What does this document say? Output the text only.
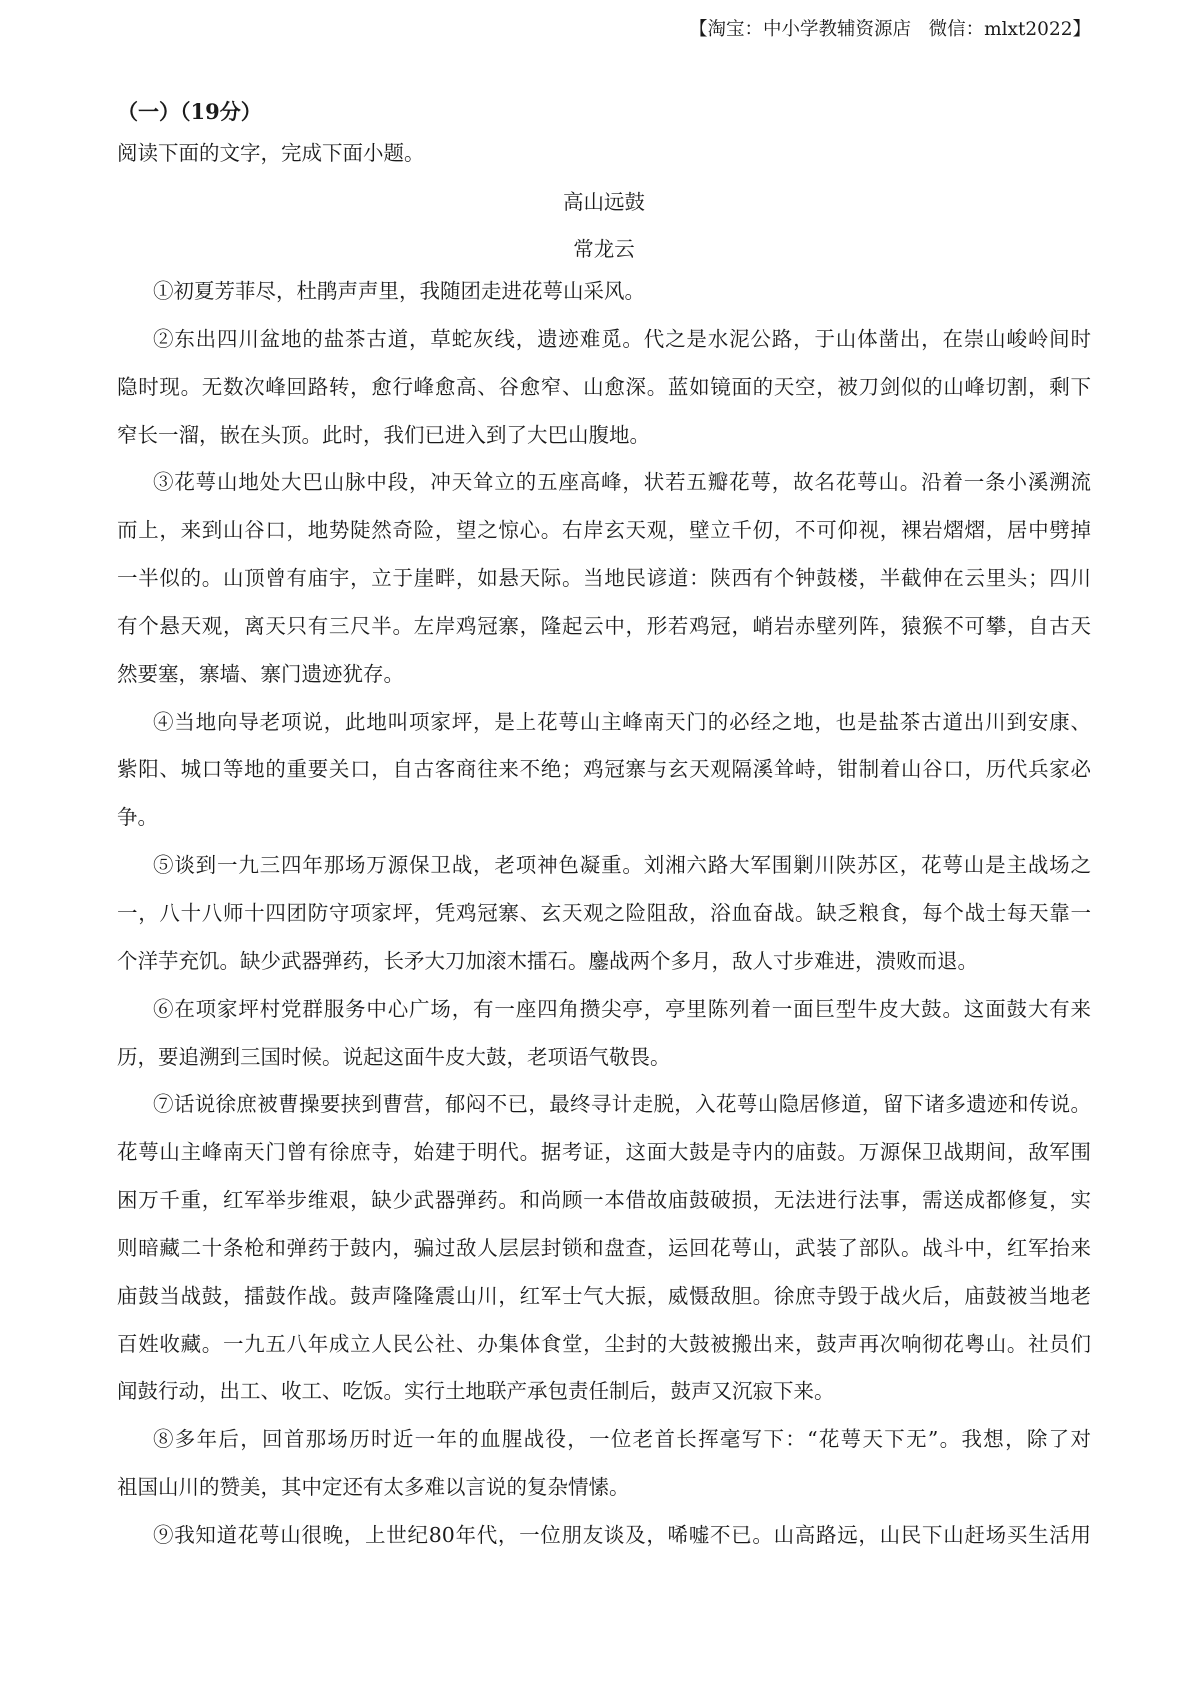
【淘宝：中小学教辅资源店   微信：mlxt2022】
（一）（19分）
阅读下面的文字，完成下面小题。
高山远鼓
常龙云
①初夏芳菲尽，杜鹃声声里，我随团走进花萼山采风。
②东出四川盆地的盐茶古道，草蛇灰线，遗迹难觅。代之是水泥公路，于山体凿出，在崇山峻岭间时
隐时现。无数次峰回路转，愈行峰愈高、谷愈窄、山愈深。蓝如镜面的天空，被刀剑似的山峰切割，剩下
窄长一溜，嵌在头顶。此时，我们已进入到了大巴山腹地。
③花萼山地处大巴山脉中段，冲天耸立的五座高峰，状若五瓣花萼，故名花萼山。沿着一条小溪溯流
而上，来到山谷口，地势陡然奇险，望之惊心。右岸玄天观，壁立千仞，不可仰视，裸岩熠熠，居中劈掉
一半似的。山顶曾有庙宇，立于崖畔，如悬天际。当地民谚道：陕西有个钟鼓楼，半截伸在云里头；四川
有个悬天观，离天只有三尺半。左岸鸡冠寨，隆起云中，形若鸡冠，峭岩赤壁列阵，猿猴不可攀，自古天
然要塞，寨墙、寨门遗迹犹存。
④当地向导老项说，此地叫项家坪，是上花萼山主峰南天门的必经之地，也是盐茶古道出川到安康、
紫阳、城口等地的重要关口，自古客商往来不绝；鸡冠寨与玄天观隔溪耸峙，钳制着山谷口，历代兵家必
争。
⑤谈到一九三四年那场万源保卫战，老项神色凝重。刘湘六路大军围剿川陕苏区，花萼山是主战场之
一，八十八师十四团防守项家坪，凭鸡冠寨、玄天观之险阻敌，浴血奋战。缺乏粮食，每个战士每天靠一
个洋芋充饥。缺少武器弹药，长矛大刀加滚木擂石。鏖战两个多月，敌人寸步难进，溃败而退。
⑥在项家坪村党群服务中心广场，有一座四角攒尖亭，亭里陈列着一面巨型牛皮大鼓。这面鼓大有来
历，要追溯到三国时候。说起这面牛皮大鼓，老项语气敬畏。
⑦话说徐庶被曹操要挟到曹营，郁闷不已，最终寻计走脱，入花萼山隐居修道，留下诸多遗迹和传说。
花萼山主峰南天门曾有徐庶寺，始建于明代。据考证，这面大鼓是寺内的庙鼓。万源保卫战期间，敌军围
困万千重，红军举步维艰，缺少武器弹药。和尚顾一本借故庙鼓破损，无法进行法事，需送成都修复，实
则暗藏二十条枪和弹药于鼓内，骗过敌人层层封锁和盘查，运回花萼山，武装了部队。战斗中，红军抬来
庙鼓当战鼓，擂鼓作战。鼓声隆隆震山川，红军士气大振，威慑敌胆。徐庶寺毁于战火后，庙鼓被当地老
百姓收藏。一九五八年成立人民公社、办集体食堂，尘封的大鼓被搬出来，鼓声再次响彻花粤山。社员们
闻鼓行动，出工、收工、吃饭。实行土地联产承包责任制后，鼓声又沉寂下来。
⑧多年后，回首那场历时近一年的血腥战役，一位老首长挥毫写下：“花萼天下无”。我想，除了对
祖国山川的赞美，其中定还有太多难以言说的复杂情愫。
⑨我知道花萼山很晚，上世纪80年代，一位朋友谈及，唏嘘不已。山高路远，山民下山赶场买生活用
